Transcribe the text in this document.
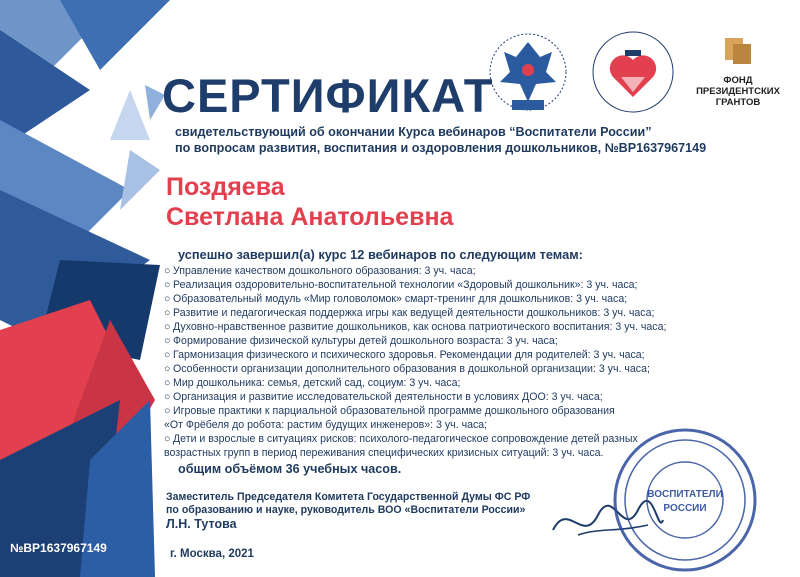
ФОНД
ПРЕЗИДЕНТСКИХ
ГРАНТОВ
СЕРТИФИКАТ
свидетельствующий об окончании Курса вебинаров “Воспитатели России”
по вопросам развития, воспитания и оздоровления дошкольников, №ВР1637967149
Поздяева
Светлана Анатольевна
успешно завершил(а) курс 12 вебинаров по следующим темам:
○ Управление качеством дошкольного образования: 3 уч. часа;
○ Реализация оздоровительно-воспитательной технологии «Здоровый дошкольник»: 3 уч. часа;
○ Образовательный модуль «Мир головоломок» смарт-тренинг для дошкольников: 3 уч. часа;
○ Развитие и педагогическая поддержка игры как ведущей деятельности дошкольников: 3 уч. часа;
○ Духовно-нравственное развитие дошкольников, как основа патриотического воспитания: 3 уч. часа;
○ Формирование физической культуры детей дошкольного возраста: 3 уч. часа;
○ Гармонизация физического и психического здоровья. Рекомендации для родителей: 3 уч. часа;
○ Особенности организации дополнительного образования в дошкольной организации: 3 уч. часа;
○ Мир дошкольника: семья, детский сад, социум: 3 уч. часа;
○ Организация и развитие исследовательской деятельности в условиях ДОО: 3 уч. часа;
○ Игровые практики к парциальной образовательной программе дошкольного образования
«От Фрёбеля до робота: растим будущих инженеров»: 3 уч. часа;
○ Дети и взрослые в ситуациях рисков: психолого-педагогическое сопровождение детей разных
возрастных групп в период переживания специфических кризисных ситуаций: 3 уч. часа.
общим объёмом 36 учебных часов.
Заместитель Председателя Комитета Государственной Думы ФС РФ
по образованию и науке, руководитель ВОО «Воспитатели России»
Л.Н. Тутова
г. Москва, 2021
№ВР1637967149
ВОСПИТАТЕЛИ
РОССИИ
